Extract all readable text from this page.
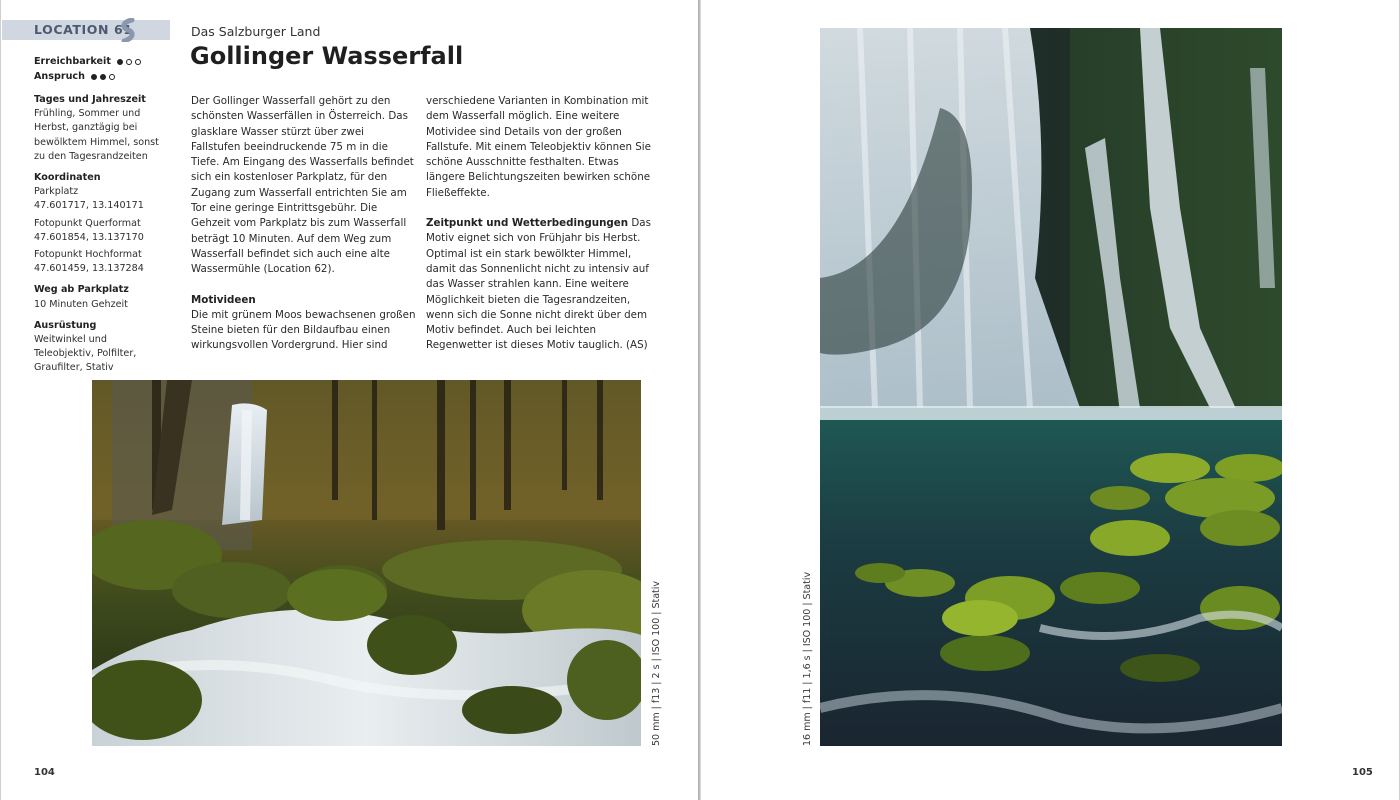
LOCATION 61
Erreichbarkeit
Anspruch
Tages und Jahreszeit
Frühling, Sommer und Herbst, ganztägig bei bewölktem Himmel, sonst zu den Tagesrandzeiten
Koordinaten
Parkplatz
47.601717, 13.140171
Fotopunkt Querformat
47.601854, 13.137170
Fotopunkt Hochformat
47.601459, 13.137284
Weg ab Parkplatz
10 Minuten Gehzeit
Ausrüstung
Weitwinkel und Teleobjektiv, Polfilter, Graufilter, Stativ
Das Salzburger Land
Gollinger Wasserfall

Der Gollinger Wasserfall gehört zu den schönsten Wasserfällen in Österreich. Das glasklare Wasser stürzt über zwei Fallstufen beeindruckende 75 m in die Tiefe. Am Eingang des Wasserfalls befindet sich ein kostenloser Parkplatz, für den Zugang zum Wasserfall entrichten Sie am Tor eine geringe Eintrittsgebühr. Die Gehzeit vom Parkplatz bis zum Wasserfall beträgt 10 Minuten. Auf dem Weg zum Wasserfall befindet sich auch eine alte Wassermühle (Location 62).

Motivideen

Die mit grünem Moos bewachsenen großen Steine bieten für den Bildaufbau einen wirkungsvollen Vordergrund. Hier sind

verschiedene Varianten in Kombination mit dem Wasserfall möglich. Eine weitere Motividee sind Details von der großen Fallstufe. Mit einem Teleobjektiv können Sie schöne Ausschnitte festhalten. Etwas längere Belichtungszeiten bewirken schöne Fließeffekte.

Zeitpunkt und Wetterbedingungen Das Motiv eignet sich von Frühjahr bis Herbst. Optimal ist ein stark bewölkter Himmel, damit das Sonnenlicht nicht zu intensiv auf das Wasser strahlen kann. Eine weitere Möglichkeit bieten die Tagesrandzeiten, wenn sich die Sonne nicht direkt über dem Motiv befindet. Auch bei leichten Regenwetter ist dieses Motiv tauglich. (AS)

50 mm | f13 | 2 s | ISO 100 | Stativ
104
16 mm | f11 | 1,6 s | ISO 100 | Stativ
105
